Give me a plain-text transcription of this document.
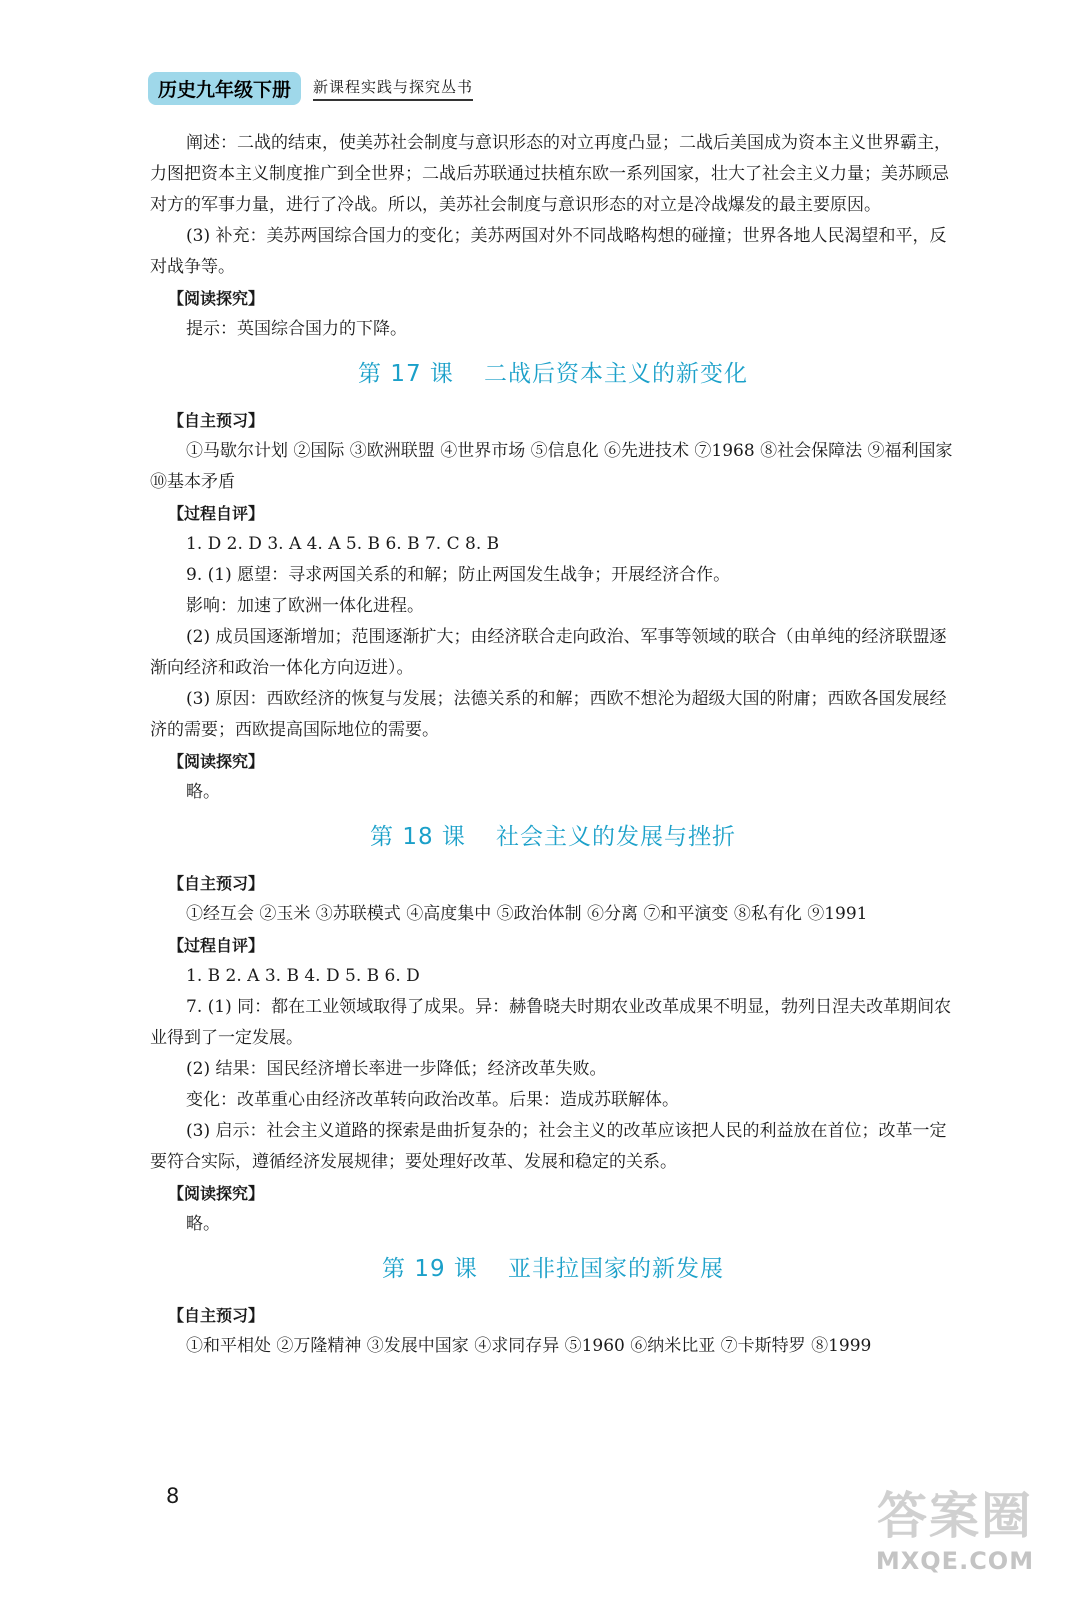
历史九年级下册	新课程实践与探究丛书

阐述：二战的结束，使美苏社会制度与意识形态的对立再度凸显；二战后美国成为资本主义世界霸主，力图把资本主义制度推广到全世界；二战后苏联通过扶植东欧一系列国家，壮大了社会主义力量；美苏顾忌对方的军事力量，进行了冷战。所以，美苏社会制度与意识形态的对立是冷战爆发的最主要原因。

(3) 补充：美苏两国综合国力的变化；美苏两国对外不同战略构想的碰撞；世界各地人民渴望和平，反对战争等。

【阅读探究】

提示：英国综合国力的下降。

第 17 课 二战后资本主义的新变化

【自主预习】

①马歇尔计划 ②国际 ③欧洲联盟 ④世界市场 ⑤信息化 ⑥先进技术 ⑦1968 ⑧社会保障法 ⑨福利国家 ⑩基本矛盾

【过程自评】

1. D 2. D 3. A 4. A 5. B 6. B 7. C 8. B

9. (1) 愿望：寻求两国关系的和解；防止两国发生战争；开展经济合作。

影响：加速了欧洲一体化进程。

(2) 成员国逐渐增加；范围逐渐扩大；由经济联合走向政治、军事等领域的联合（由单纯的经济联盟逐渐向经济和政治一体化方向迈进）。

(3) 原因：西欧经济的恢复与发展；法德关系的和解；西欧不想沦为超级大国的附庸；西欧各国发展经济的需要；西欧提高国际地位的需要。

【阅读探究】

略。

第 18 课 社会主义的发展与挫折

【自主预习】

①经互会 ②玉米 ③苏联模式 ④高度集中 ⑤政治体制 ⑥分离 ⑦和平演变 ⑧私有化 ⑨1991

【过程自评】

1. B 2. A 3. B 4. D 5. B 6. D

7. (1) 同：都在工业领域取得了成果。异：赫鲁晓夫时期农业改革成果不明显，勃列日涅夫改革期间农业得到了一定发展。

(2) 结果：国民经济增长率进一步降低；经济改革失败。

变化：改革重心由经济改革转向政治改革。后果：造成苏联解体。

(3) 启示：社会主义道路的探索是曲折复杂的；社会主义的改革应该把人民的利益放在首位；改革一定要符合实际，遵循经济发展规律；要处理好改革、发展和稳定的关系。

【阅读探究】

略。

第 19 课 亚非拉国家的新发展

【自主预习】

①和平相处 ②万隆精神 ③发展中国家 ④求同存异 ⑤1960 ⑥纳米比亚 ⑦卡斯特罗 ⑧1999

8	答案圈
MXQE.COM
